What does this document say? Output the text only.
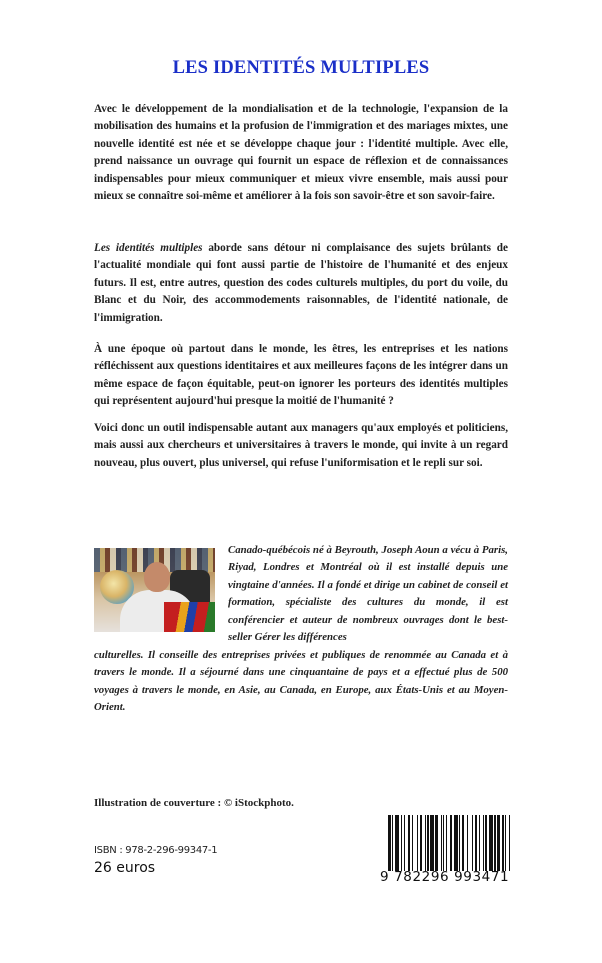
LES IDENTITÉS MULTIPLES
Avec le développement de la mondialisation et de la technologie, l'expansion de la mobilisation des humains et la profusion de l'immigration et des mariages mixtes, une nouvelle identité est née et se développe chaque jour : l'identité multiple. Avec elle, prend naissance un ouvrage qui fournit un espace de réflexion et de connaissances indispensables pour mieux communiquer et mieux vivre ensemble, mais aussi pour mieux se connaître soi-même et améliorer à la fois son savoir-être et son savoir-faire.
Les identités multiples aborde sans détour ni complaisance des sujets brûlants de l'actualité mondiale qui font aussi partie de l'histoire de l'humanité et des enjeux futurs. Il est, entre autres, question des codes culturels multiples, du port du voile, du Blanc et du Noir, des accommodements raisonnables, de l'identité nationale, de l'immigration.
À une époque où partout dans le monde, les êtres, les entreprises et les nations réfléchissent aux questions identitaires et aux meilleures façons de les intégrer dans un même espace de façon équitable, peut-on ignorer les porteurs des identités multiples qui représentent aujourd'hui presque la moitié de l'humanité ?
Voici donc un outil indispensable autant aux managers qu'aux employés et politiciens, mais aussi aux chercheurs et universitaires à travers le monde, qui invite à un regard nouveau, plus ouvert, plus universel, qui refuse l'uniformisation et le repli sur soi.
Canado-québécois né à Beyrouth, Joseph Aoun a vécu à Paris, Riyad, Londres et Montréal où il est installé depuis une vingtaine d'années. Il a fondé et dirige un cabinet de conseil et formation, spécialiste des cultures du monde, il est conférencier et auteur de nombreux ouvrages dont le best-seller Gérer les différences
culturelles. Il conseille des entreprises privées et publiques de renommée au Canada et à travers le monde. Il a séjourné dans une cinquantaine de pays et a effectué plus de 500 voyages à travers le monde, en Asie, au Canada, en Europe, aux États-Unis et au Moyen-Orient.
Illustration de couverture : © iStockphoto.
ISBN : 978-2-296-99347-1
26 euros
9 782296 993471
